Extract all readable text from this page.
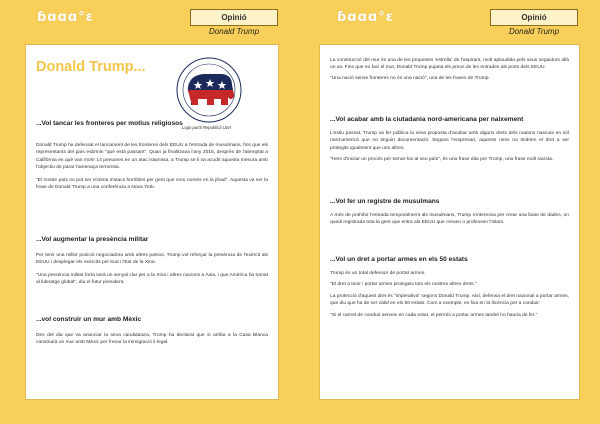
ɓɑɑɑ°ɛ	Opinió
Donald Trump
Donald Trump...
Logo partit Republicà USA
...Vol tancar les fronteres per motius religiosos

Donald Trump ha defensat el tancament de les fronteres dels EEUU a l'entrada de musulmans, fins que els representants del país esbrinin "què està passant". Quan ja finalitzava l'any 2015, després de l'atemptat a Califòrnia en què van morir 14 persones en un atac islamista, a Trump se li va acudir aquesta mesura amb l'objectiu de parar l'amenaça terrorista.

"El nostre país no pot ser víctima d'atacs horribles per gent que creu només en la jihad". Aquesta va ser la frase de Donald Trump a una conferència a Nova York.

...Vol augmentar la presència militar

Per tenir una millor posició negociadora amb altres països, Trump vol reforçar la presència de l'exèrcit als EEUU i desplegar els exèrcits pel Sud i l'Est de la Xina.

"Una presència militar forta serà un senyal clar per a la Xina i altres nacions a Àsia, i que Amèrica ha tornat al lideratge global", diu el futur president.

...vol construir un mur amb Mèxic

Des del dia que va anunciar la seva candidatura, Trump ha declarat que si arriba a la Casa Blanca construirà un mur amb Mèxic per frenar la immigració il·legal.

ɓɑɑɑ°ɛ	Opinió
Donald Trump

La construcció del mur és una de les propostes 'estrella' de l'aspirant, molt aplaudida pels seus seguidors allà on va. Fins que no faci el mur, Donald Trump pujaria els preus de les entrades als ports dels EEUU.

"Una nació sense fronteres no és una nació", una de les frases de Trump.

...Vol acabar amb la ciutadania nord-americana per naixement

L'estiu passat, Trump va fer pública la seva proposta d'acabar amb alguns drets dels nadons nascuts en sòl nord-americà que no tinguin documentació. Segons l'empresari, aquests nens no tindrien el dret a ser protegits igualment que uns altres.

"Hem d'iniciar un procés per tornar-los al seu país", és una frase dita per Trump, una frase molt racista.

...Vol fer un registre de musulmans

A més de prohibir l'entrada temporalment als musulmans, Trump s'interessa per crear una base de dades, on quedi registrada tota la gent que entra als EEUU que creuen o professen l'Islam.

...Vol un dret a portar armes en els 50 estats

Trump és un total defensor de portar armes.

"El dret a tenir i portar armes protegeix tots els nostres altres drets."

La protecció d'aquest dret és "imperativa" segons Donald Trump. Així, defensa el dret nacional a portar armes, que diu que ha de ser vàlid en els 50 estats. Com a exemple, es fixa en la llicència per a conduir:

"Si el carnet de conduir serveix en cada estat, el permís a portar armes també ho hauria de fer."
